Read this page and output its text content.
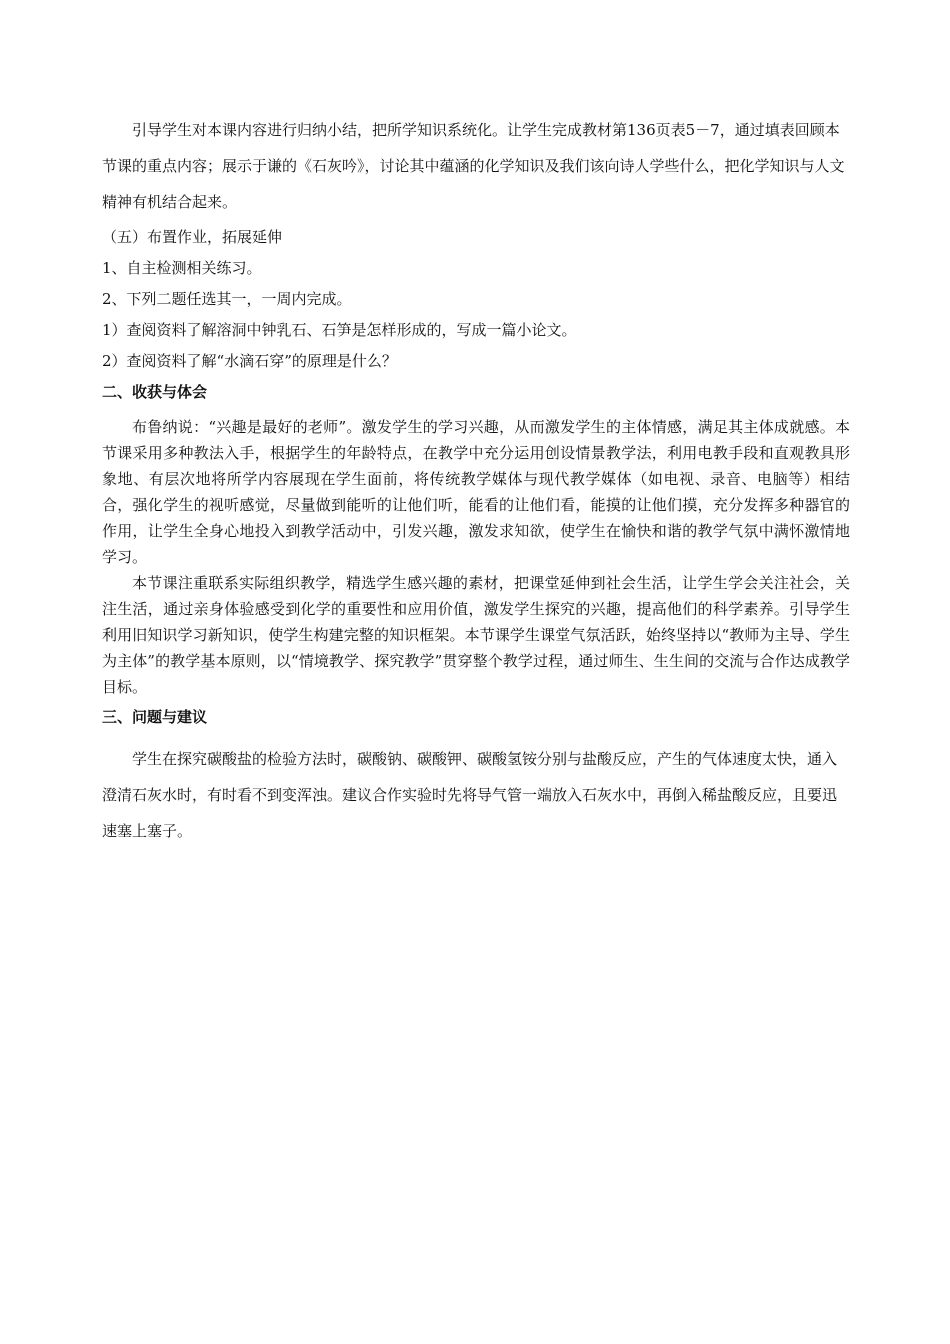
引导学生对本课内容进行归纳小结，把所学知识系统化。让学生完成教材第136页表5－7，通过填表回顾本节课的重点内容；展示于谦的《石灰吟》，讨论其中蕴涵的化学知识及我们该向诗人学些什么，把化学知识与人文精神有机结合起来。

（五）布置作业，拓展延伸

1、自主检测相关练习。

2、下列二题任选其一，一周内完成。

1）查阅资料了解溶洞中钟乳石、石笋是怎样形成的，写成一篇小论文。

2）查阅资料了解“水滴石穿”的原理是什么？

二、收获与体会

布鲁纳说：“兴趣是最好的老师”。激发学生的学习兴趣，从而激发学生的主体情感，满足其主体成就感。本节课采用多种教法入手，根据学生的年龄特点，在教学中充分运用创设情景教学法，利用电教手段和直观教具形象地、有层次地将所学内容展现在学生面前，将传统教学媒体与现代教学媒体（如电视、录音、电脑等）相结合，强化学生的视听感觉，尽量做到能听的让他们听，能看的让他们看，能摸的让他们摸，充分发挥多种器官的作用，让学生全身心地投入到教学活动中，引发兴趣，激发求知欲，使学生在愉快和谐的教学气氛中满怀激情地学习。

本节课注重联系实际组织教学，精选学生感兴趣的素材，把课堂延伸到社会生活，让学生学会关注社会，关注生活，通过亲身体验感受到化学的重要性和应用价值，激发学生探究的兴趣，提高他们的科学素养。引导学生利用旧知识学习新知识，使学生构建完整的知识框架。本节课学生课堂气氛活跃，始终坚持以“教师为主导、学生为主体”的教学基本原则，以“情境教学、探究教学”贯穿整个教学过程，通过师生、生生间的交流与合作达成教学目标。

三、问题与建议

学生在探究碳酸盐的检验方法时，碳酸钠、碳酸钾、碳酸氢铵分别与盐酸反应，产生的气体速度太快，通入澄清石灰水时，有时看不到变浑浊。建议合作实验时先将导气管一端放入石灰水中，再倒入稀盐酸反应，且要迅速塞上塞子。
